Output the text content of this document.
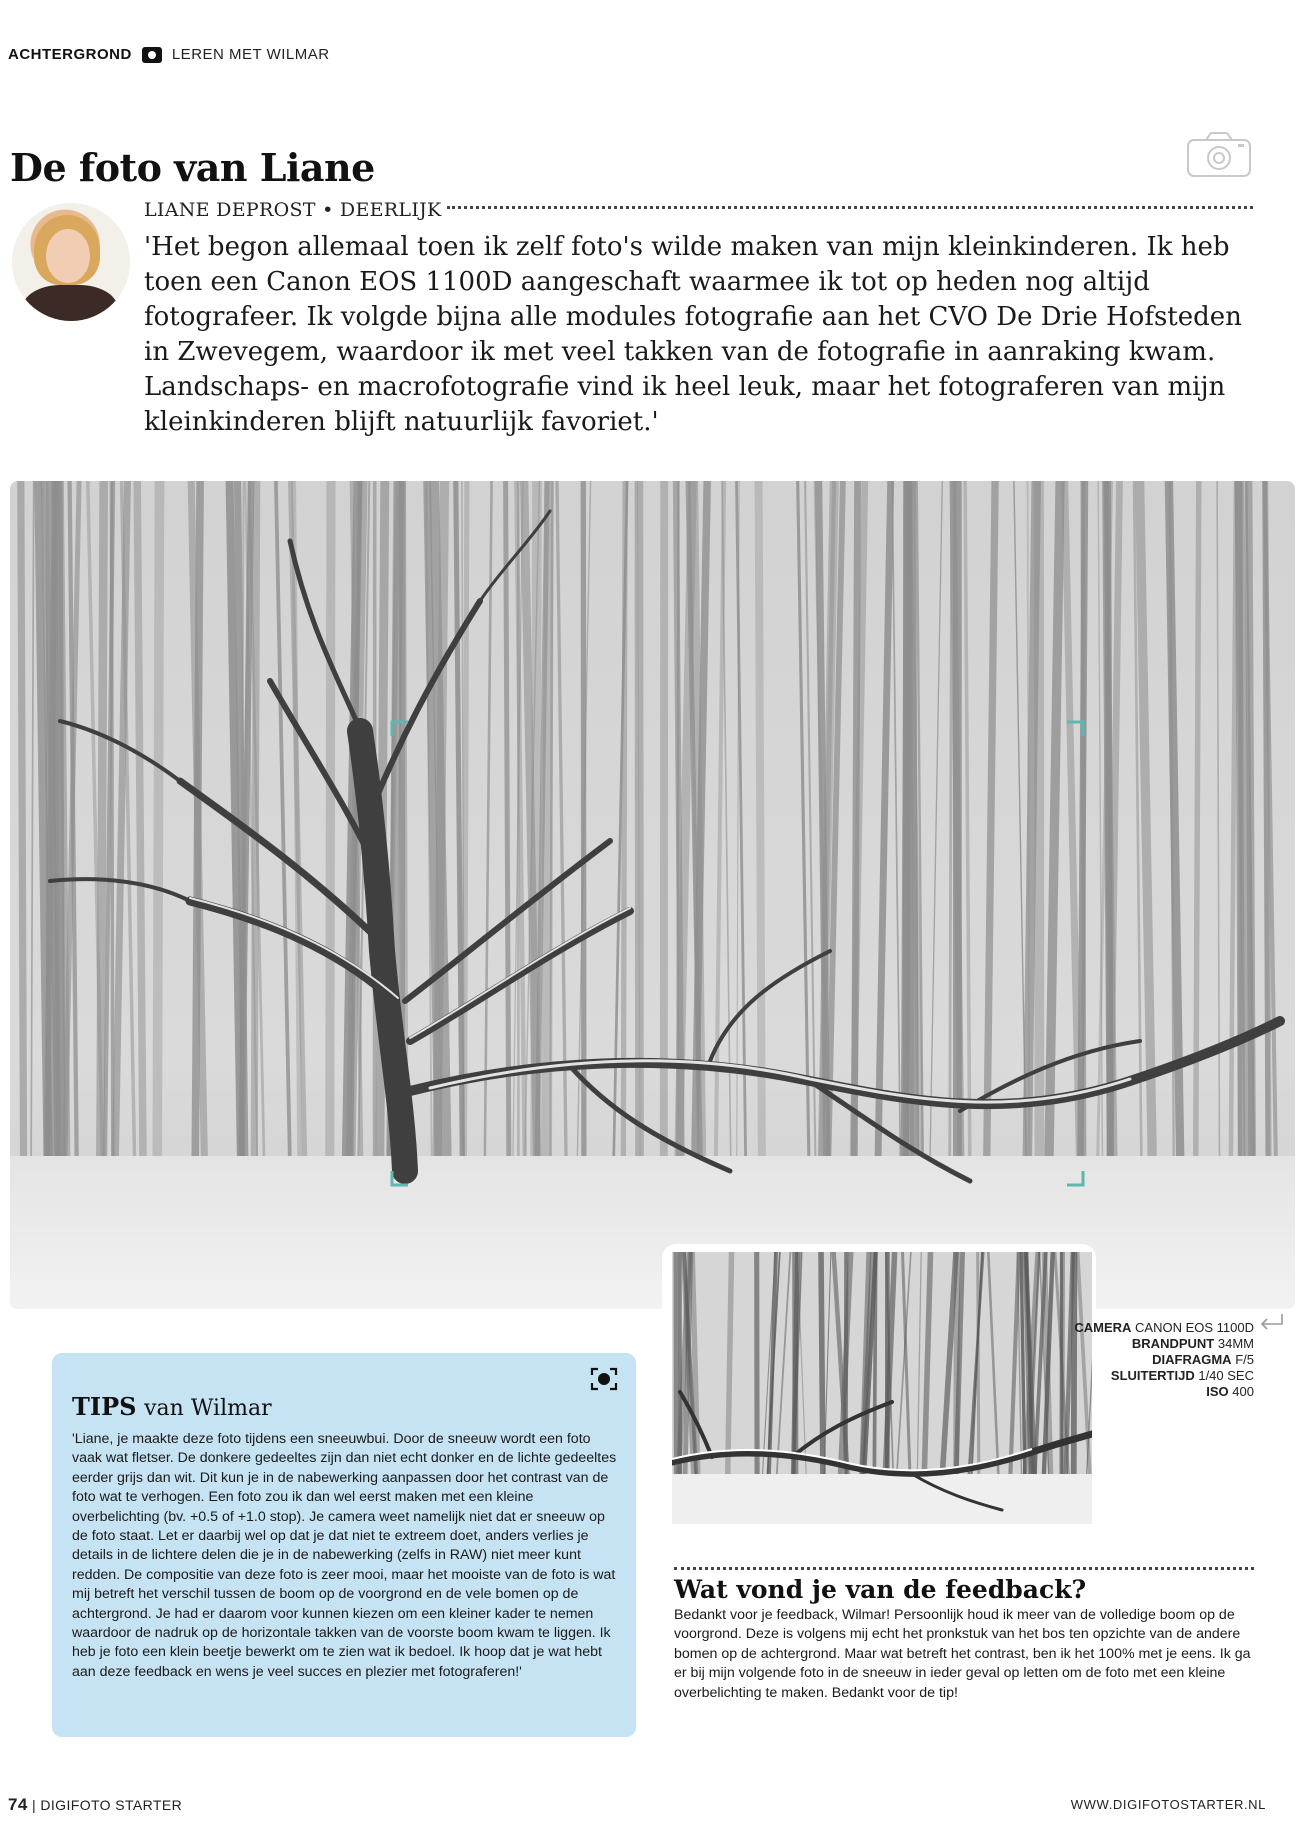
ACHTERGROND	LEREN MET WILMAR
De foto van Liane
LIANE DEPROST • DEERLIJK
'Het begon allemaal toen ik zelf foto's wilde maken van mijn kleinkinderen. Ik heb toen een Canon EOS 1100D aangeschaft waarmee ik tot op heden nog altijd fotografeer. Ik volgde bijna alle modules fotografie aan het CVO De Drie Hofsteden in Zwevegem, waardoor ik met veel takken van de fotografie in aanraking kwam. Landschaps- en macrofotografie vind ik heel leuk, maar het fotograferen van mijn kleinkinderen blijft natuurlijk favoriet.'
CAMERA CANON EOS 1100D
BRANDPUNT 34MM
DIAFRAGMA F/5
SLUITERTIJD 1/40 SEC
ISO 400
TIPS van Wilmar
'Liane, je maakte deze foto tijdens een sneeuwbui. Door de sneeuw wordt een foto vaak wat fletser. De donkere gedeeltes zijn dan niet echt donker en de lichte gedeeltes eerder grijs dan wit. Dit kun je in de nabewerking aanpassen door het contrast van de foto wat te verhogen. Een foto zou ik dan wel eerst maken met een kleine overbelichting (bv. +0.5 of +1.0 stop). Je camera weet namelijk niet dat er sneeuw op de foto staat. Let er daarbij wel op dat je dat niet te extreem doet, anders verlies je details in de lichtere delen die je in de nabewerking (zelfs in RAW) niet meer kunt redden. De compositie van deze foto is zeer mooi, maar het mooiste van de foto is wat mij betreft het verschil tussen de boom op de voorgrond en de vele bomen op de achtergrond. Je had er daarom voor kunnen kiezen om een kleiner kader te nemen waardoor de nadruk op de horizontale takken van de voorste boom kwam te liggen. Ik heb je foto een klein beetje bewerkt om te zien wat ik bedoel. Ik hoop dat je wat hebt aan deze feedback en wens je veel succes en plezier met fotograferen!'
Wat vond je van de feedback?
Bedankt voor je feedback, Wilmar! Persoonlijk houd ik meer van de volledige boom op de voorgrond. Deze is volgens mij echt het pronkstuk van het bos ten opzichte van de andere bomen op de achtergrond. Maar wat betreft het contrast, ben ik het 100% met je eens. Ik ga er bij mijn volgende foto in de sneeuw in ieder geval op letten om de foto met een kleine overbelichting te maken. Bedankt voor de tip!
74 | DIGIFOTO STARTER	WWW.DIGIFOTOSTARTER.NL
